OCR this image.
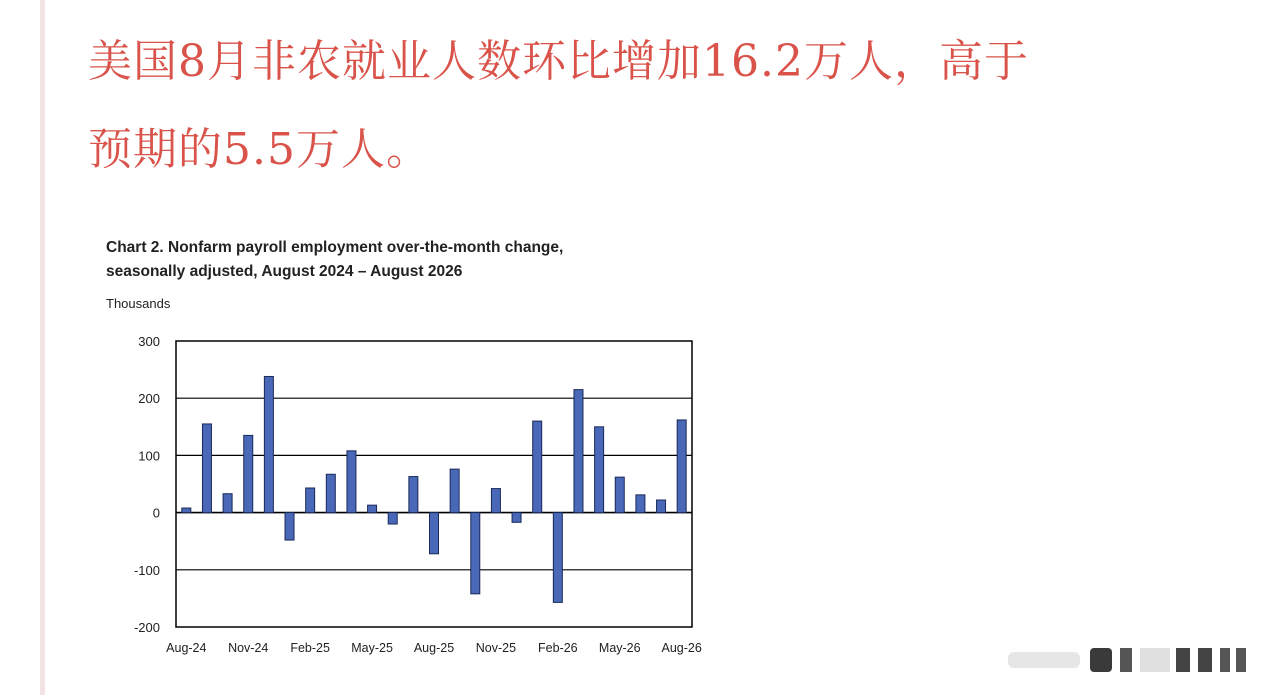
美国8月非农就业人数环比增加16.2万人，高于
预期的5.5万人。
Chart 2. Nonfarm payroll employment over-the-month change,
seasonally adjusted, August 2024 – August 2026
Thousands
300
200
100
0
-100
-200
Aug-24 Nov-24 Feb-25 May-25 Aug-25 Nov-25 Feb-26 May-26 Aug-26
